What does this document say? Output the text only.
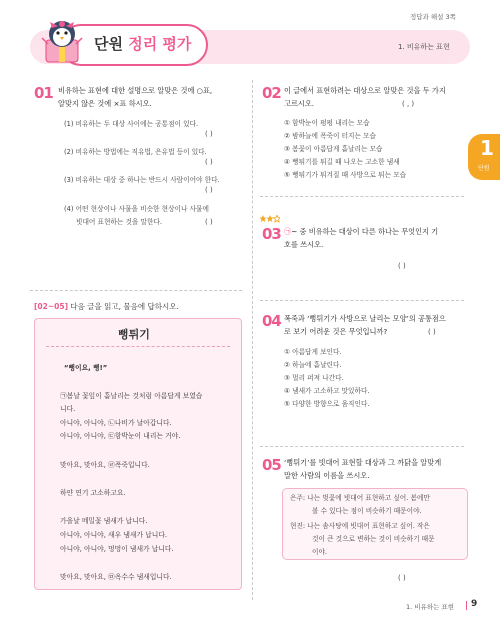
정답과 해설 3쪽
단원 정리 평가	1. 비유하는 표현
1
단원
01 비유하는 표현에 대한 설명으로 알맞은 것에 ○표,
알맞지 않은 것에 ×표 하시오.
(1) 비유하는 두 대상 사이에는 공통점이 있다.
( )
(2) 비유하는 방법에는 직유법, 은유법 등이 있다.
( )
(3) 비유하는 대상 중 하나는 반드시 사람이어야 한다.
( )
(4) 어떤 현상이나 사물을 비슷한 현상이나 사물에
빗대어 표현하는 것을 말한다.	( )
[02~05] 다음 글을 읽고, 물음에 답하시오.
뻥튀기
“뻥이요, 뻥!”
㉠봄날 꽃잎이 흩날리는 것처럼 아름답게 보였습
니다.
아니야, 아니야, ㉡나비가 날아갑니다.
아니야, 아니야, ㉢함박눈이 내리는 거야.
맞아요, 맞아요, ㉣폭죽입니다.
하얀 연기 고소하고요.
가을날 메밀꽃 냄새가 납니다.
아니야, 아니야, 새우 냄새가 납니다.
아니야, 아니야, 멍멍이 냄새가 납니다.
맞아요, 맞아요, ㉤옥수수 냄새입니다.
02 이 글에서 표현하려는 대상으로 알맞은 것을 두 가지
고르시오.	( , )
① 함박눈이 펑펑 내리는 모습
② 밤하늘에 폭죽이 터지는 모습
③ 봄꽃이 아름답게 흩날리는 모습
④ 뻥튀기를 튀길 때 나오는 고소한 냄새
⑤ 뻥튀기가 튀겨질 때 사방으로 튀는 모습
03 ㉠~ 중 비유하는 대상이 다른 하나는 무엇인지 기
호를 쓰시오.
( )
04 폭죽과 ‘뻥튀기가 사방으로 날리는 모양’의 공통점으
로 보기 어려운 것은 무엇입니까?	( )
① 아름답게 보인다.
② 하늘에 흩날린다.
③ 멀리 퍼져 나간다.
④ 냄새가 고소하고 맛있하다.
⑤ 다양한 방향으로 움직인다.
05 ‘뻥튀기’를 빗대어 표현할 대상과 그 까닭을 알맞게
말한 사람의 이름을 쓰시오.
은주: 나는 벚꽃에 빗대어 표현하고 싶어. 봄에만
볼 수 있다는 점이 비슷하기 때문이야.
현진: 나는 솜사탕에 빗대어 표현하고 싶어. 작은
것이 큰 것으로 변하는 것이 비슷하기 때문
이야.
( )
1. 비유하는 표현 9
